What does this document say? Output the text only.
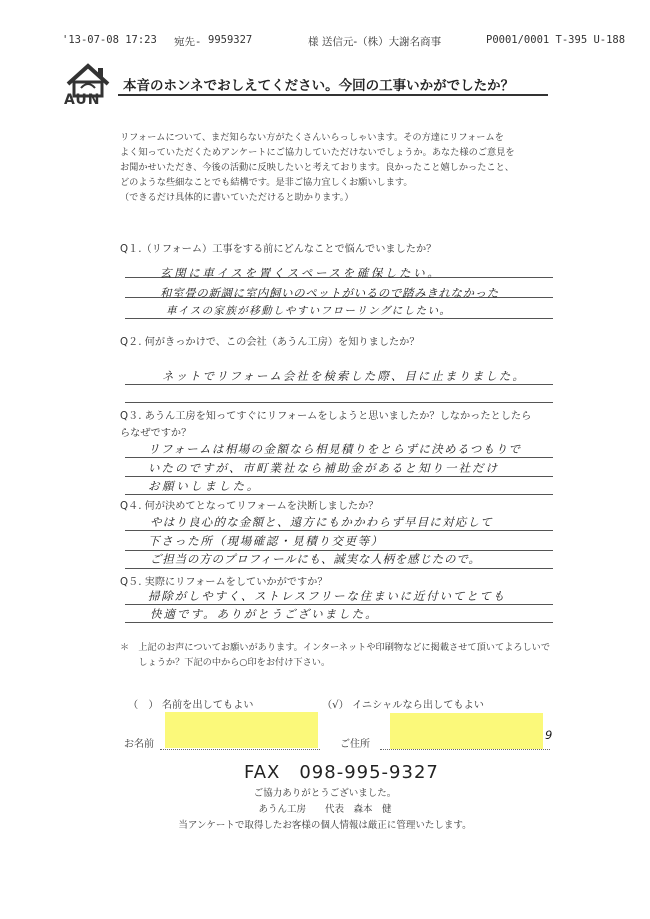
'13-07-08 17:23 宛先- 9959327	様 送信元-（株）大謝名商事	P0001/0001 T-395 U-188
AUN
本音のホンネでおしえてください。今回の工事いかがでしたか？
リフォームについて、まだ知らない方がたくさんいらっしゃいます。その方達にリフォームを
よく知っていただくためアンケートにご協力していただけないでしょうか。あなた様のご意見を
お聞かせいただき、今後の活動に反映したいと考えております。良かったこと嬉しかったこと、
どのような些細なことでも結構です。是非ご協力宜しくお願いします。
（できるだけ具体的に書いていただけると助かります。）
Q１.（リフォーム）工事をする前にどんなことで悩んでいましたか？
玄関に車イスを置くスペースを確保したい。
和室畳の新調に室内飼いのペットがいるので踏みきれなかった
車イスの家族が移動しやすいフローリングにしたい。
Q２. 何がきっかけで、この会社（あうん工房）を知りましたか？
ネットでリフォーム会社を検索した際、目に止まりました。
Q３. あうん工房を知ってすぐにリフォームをしようと思いましたか？しなかったとしたら
らなぜですか？
リフォームは相場の金額なら相見積りをとらずに決めるつもりで
いたのですが、市町業社なら補助金があると知り一社だけ
お願いしました。
Q４. 何が決めてとなってリフォームを決断しましたか？
やはり良心的な金額と、遠方にもかかわらず早目に対応して
下さった所（現場確認・見積り交更等）
ご担当の方のプロフィールにも、誠実な人柄を感じたので。
Q５. 実際にリフォームをしていかがですか？
掃除がしやすく、ストレスフリーな住まいに近付いてとても
快適です。ありがとうございました。
＊　上記のお声についてお願いがあります。インターネットや印刷物などに掲載させて頂いてよろしいで
　　しょうか？下記の中から○印をお付け下さい。
（　） 名前を出してもよい	（√） イニシャルなら出してもよい
お名前	ご住所
9
FAX　098-995-9327
ご協力ありがとうございました。
あうん工房　　代表　森本　健
当アンケートで取得したお客様の個人情報は厳正に管理いたします。
